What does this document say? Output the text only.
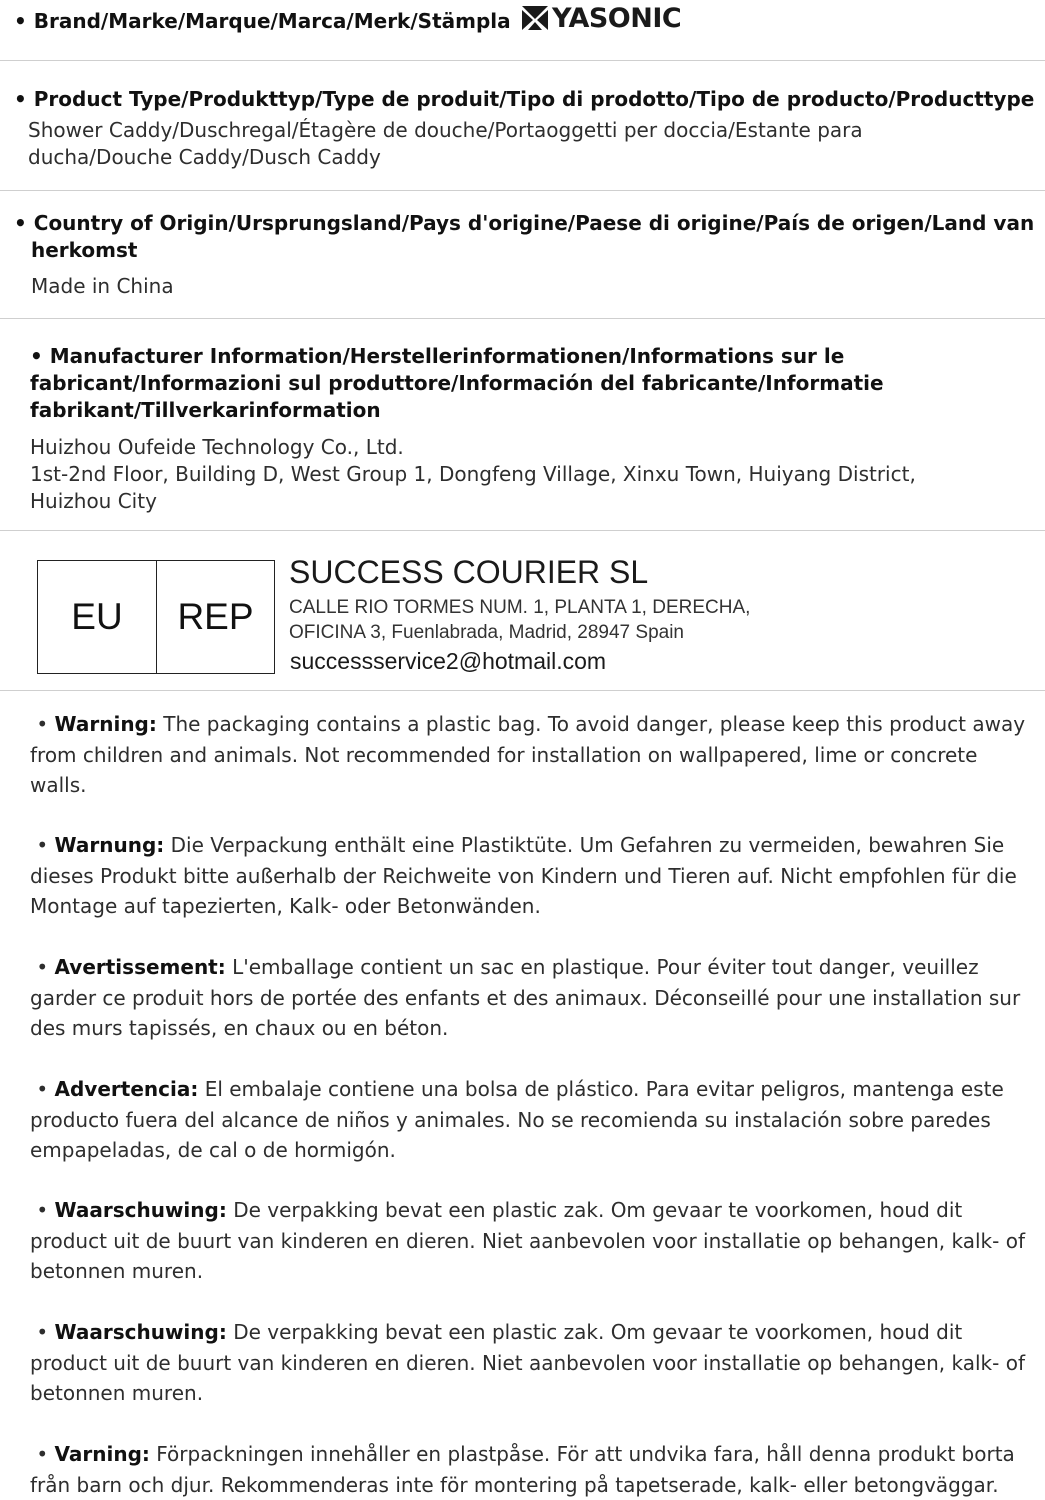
•
Brand/Marke/Marque/Marca/Merk/Stämpla YASONIC
• Product Type/Produkttyp/Type de produit/Tipo di prodotto/Tipo de producto/Producttype
Shower Caddy/Duschregal/Étagère de douche/Portaoggetti per doccia/Estante para
ducha/Douche Caddy/Dusch Caddy
• Country of Origin/Ursprungsland/Pays d'origine/Paese di origine/País de origen/Land van
herkomst
Made in China
• Manufacturer Information/Herstellerinformationen/Informations sur le
fabricant/Informazioni sul produttore/Información del fabricante/Informatie
fabrikant/Tillverkarinformation
Huizhou Oufeide Technology Co., Ltd.
1st-2nd Floor, Building D, West Group 1, Dongfeng Village, Xinxu Town, Huiyang District,
Huizhou City
EU	REP
SUCCESS COURIER SL
CALLE RIO TORMES NUM. 1, PLANTA 1, DERECHA,
OFICINA 3, Fuenlabrada, Madrid, 28947 Spain
successservice2@hotmail.com
• Warning: The packaging contains a plastic bag. To avoid danger, please keep this product away from children and animals. Not recommended for installation on wallpapered, lime or concrete walls.
• Warnung: Die Verpackung enthält eine Plastiktüte. Um Gefahren zu vermeiden, bewahren Sie dieses Produkt bitte außerhalb der Reichweite von Kindern und Tieren auf. Nicht empfohlen für die Montage auf tapezierten, Kalk- oder Betonwänden.
• Avertissement: L'emballage contient un sac en plastique. Pour éviter tout danger, veuillez garder ce produit hors de portée des enfants et des animaux. Déconseillé pour une installation sur des murs tapissés, en chaux ou en béton.
• Advertencia: El embalaje contiene una bolsa de plástico. Para evitar peligros, mantenga este producto fuera del alcance de niños y animales. No se recomienda su instalación sobre paredes empapeladas, de cal o de hormigón.
• Waarschuwing: De verpakking bevat een plastic zak. Om gevaar te voorkomen, houd dit product uit de buurt van kinderen en dieren. Niet aanbevolen voor installatie op behangen, kalk- of betonnen muren.
• Waarschuwing: De verpakking bevat een plastic zak. Om gevaar te voorkomen, houd dit product uit de buurt van kinderen en dieren. Niet aanbevolen voor installatie op behangen, kalk- of betonnen muren.
• Varning: Förpackningen innehåller en plastpåse. För att undvika fara, håll denna produkt borta från barn och djur. Rekommenderas inte för montering på tapetserade, kalk- eller betongväggar.
